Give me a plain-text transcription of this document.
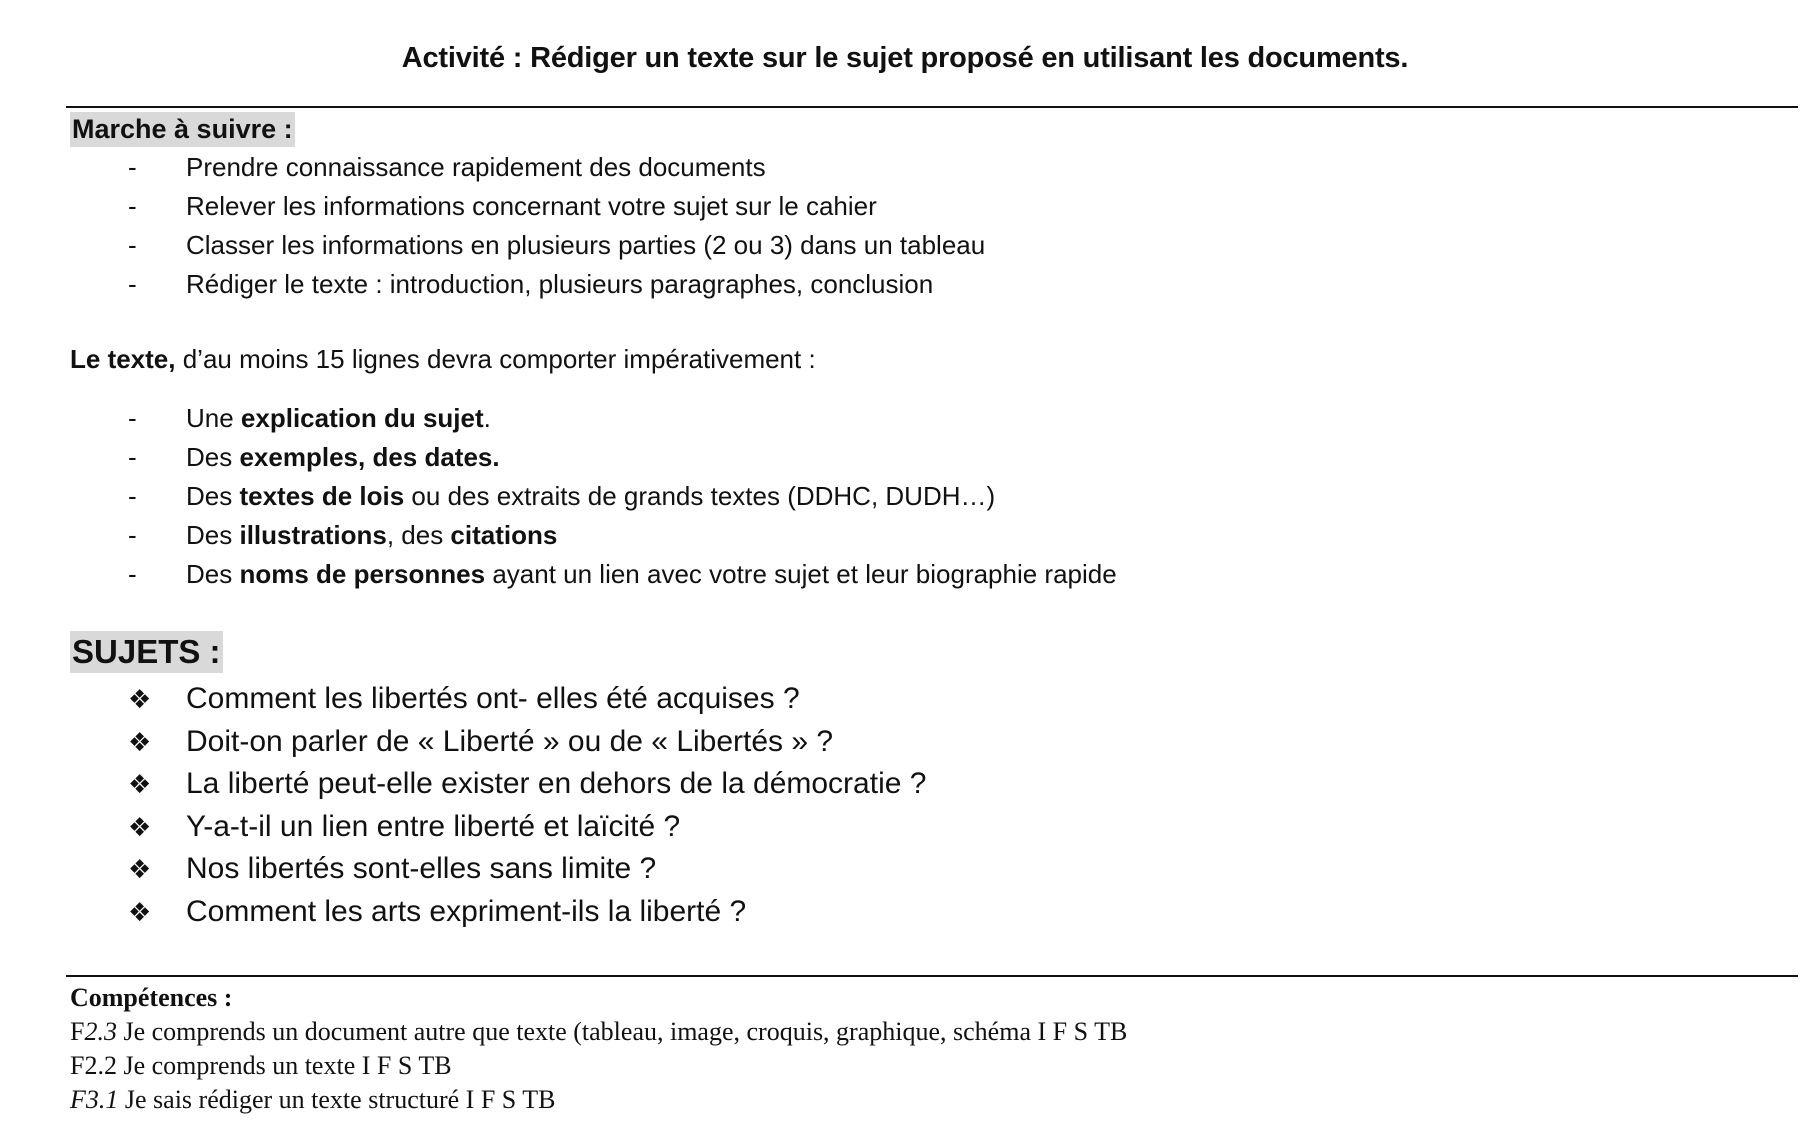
Activité : Rédiger un texte sur le sujet proposé en utilisant les documents.
Marche à suivre :
- Prendre connaissance rapidement des documents
- Relever les informations concernant votre sujet sur le cahier
- Classer les informations en plusieurs parties (2 ou 3) dans un tableau
- Rédiger le texte : introduction, plusieurs paragraphes, conclusion
Le texte, d’au moins 15 lignes devra comporter impérativement :
- Une explication du sujet.
- Des exemples, des dates.
- Des textes de lois ou des extraits de grands textes (DDHC, DUDH…)
- Des illustrations, des citations
- Des noms de personnes ayant un lien avec votre sujet et leur biographie rapide
SUJETS :
❖ Comment les libertés ont- elles été acquises ?
❖ Doit-on parler de « Liberté » ou de « Libertés » ?
❖ La liberté peut-elle exister en dehors de la démocratie ?
❖ Y-a-t-il un lien entre liberté et laïcité ?
❖ Nos libertés sont-elles sans limite ?
❖ Comment les arts expriment-ils la liberté ?
Compétences :
F2.3 Je comprends un document autre que texte (tableau, image, croquis, graphique, schéma I F S TB
F2.2 Je comprends un texte I F S TB
F3.1 Je sais rédiger un texte structuré I F S TB
